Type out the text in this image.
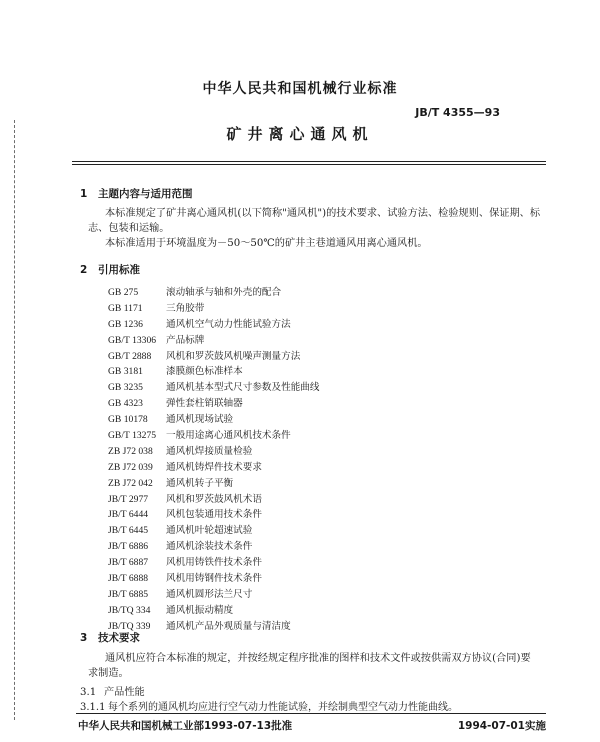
中华人民共和国机械行业标准
JB/T 4355—93
矿井离心通风机
1 主题内容与适用范围
本标准规定了矿井离心通风机(以下简称"通风机")的技术要求、试验方法、检验规则、保证期、标
志、包装和运输。
本标准适用于环境温度为－50～50℃的矿井主巷道通风用离心通风机。
2 引用标准
GB 275	滚动轴承与轴和外壳的配合
GB 1171 三角胶带
GB 1236 通风机空气动力性能试验方法
GB/T 13306 产品标牌
GB/T 2888 风机和罗茨鼓风机噪声测量方法
GB 3181 漆膜颜色标准样本
GB 3235 通风机基本型式尺寸参数及性能曲线
GB 4323 弹性套柱销联轴器
GB 10178 通风机现场试验
GB/T 13275 一般用途离心通风机技术条件
ZB J72 038 通风机焊接质量检验
ZB J72 039 通风机铸焊件技术要求
ZB J72 042 通风机转子平衡
JB/T 2977 风机和罗茨鼓风机术语
JB/T 6444 风机包装通用技术条件
JB/T 6445 通风机叶轮超速试验
JB/T 6886 通风机涂装技术条件
JB/T 6887 风机用铸铁件技术条件
JB/T 6888 风机用铸钢件技术条件
JB/T 6885 通风机圆形法兰尺寸
JB/TQ 334 通风机振动精度
JB/TQ 339 通风机产品外观质量与清洁度
3 技术要求
通风机应符合本标准的规定，并按经规定程序批准的图样和技术文件或按供需双方协议(合同)要
求制造。
3.1 产品性能
3.1.1 每个系列的通风机均应进行空气动力性能试验，并绘制典型空气动力性能曲线。
中华人民共和国机械工业部1993-07-13批准	1994-07-01实施
